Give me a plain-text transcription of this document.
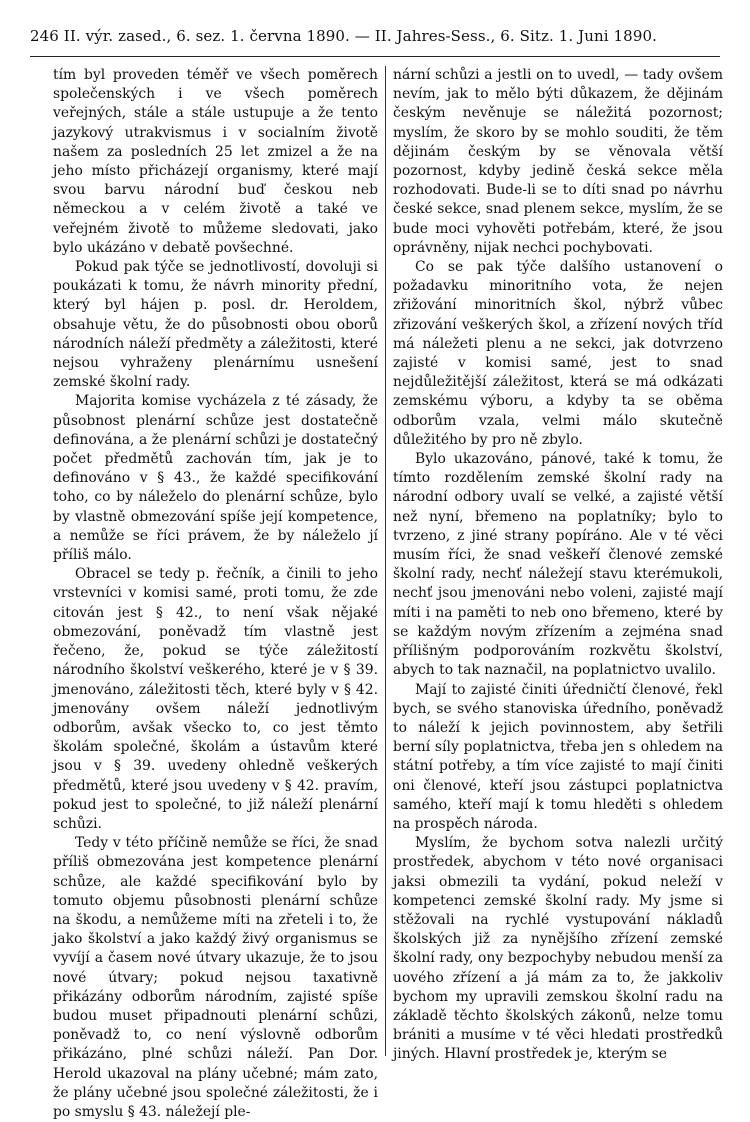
246 II. výr. zased., 6. sez. 1. června 1890. — II. Jahres-Sess., 6. Sitz. 1. Juni 1890.

tím byl proveden téměř ve všech poměrech společenských i ve všech poměrech veřejných, stále a stále ustupuje a že tento jazykový utrakvismus i v socialním životě našem za posledních 25 let zmizel a že na jeho místo přicházejí organismy, které mají svou barvu národní buď českou neb německou a v celém životě a také ve veřejném životě to můžeme sledovati, jako bylo ukázáno v debatě povšechné.

Pokud pak týče se jednotlivostí, dovoluji si poukázati k tomu, že návrh minority přední, který byl hájen p. posl. dr. Heroldem, obsahuje větu, že do působnosti obou oborů národních náleží předměty a záležitosti, které nejsou vyhraženy plenárnímu usnešení zemské školní rady.

Majorita komise vycházela z té zásady, že působnost plenární schůze jest dostatečně definována, a že plenární schůzi je dostatečný počet předmětů zachován tím, jak je to definováno v § 43., že každé specifikování toho, co by náleželo do plenární schůze, bylo by vlastně obmezování spíše její kompetence, a nemůže se říci právem, že by náleželo jí příliš málo.

Obracel se tedy p. řečník, a činili to jeho vrstevníci v komisi samé, proti tomu, že zde citován jest § 42., to není však nějaké obmezování, poněvadž tím vlastně jest řečeno, že, pokud se týče záležitostí národního školství veškerého, které je v § 39. jmenováno, záležitosti těch, které byly v § 42. jmenovány ovšem náleží jednotlivým odborům, avšak všecko to, co jest těmto školám společné, školám a ústavům které jsou v § 39. uvedeny ohledně veškerých předmětů, které jsou uvedeny v § 42. pravím, pokud jest to společné, to již náleží plenární schůzi.

Tedy v této příčině nemůže se říci, že snad příliš obmezována jest kompetence plenární schůze, ale každé specifikování bylo by tomuto objemu působnosti plenární schůze na škodu, a nemůžeme míti na zřeteli i to, že jako školství a jako každý živý organismus se vyvíjí a časem nové útvary ukazuje, že to jsou nové útvary; pokud nejsou taxativně přikázány odborům národním, zajisté spíše budou muset připadnouti plenární schůzi, poněvadž to, co není výslovně odborům přikázáno, plné schůzi náleží. Pan Dor. Herold ukazoval na plány učebné; mám zato, že plány učebné jsou společné záležitosti, že i po smyslu § 43. náležejí ple-

nární schůzi a jestli on to uvedl, — tady ovšem nevím, jak to mělo býti důkazem, že dějinám českým nevěnuje se náležitá pozornost; myslím, že skoro by se mohlo souditi, že těm dějinám českým by se věnovala větší pozornost, kdyby jedině česká sekce měla rozhodovati. Bude-li se to díti snad po návrhu české sekce, snad plenem sekce, myslím, že se bude moci vyhověti potřebám, které, že jsou oprávněny, nijak nechci pochybovati.

Co se pak týče dalšího ustanovení o požadavku minoritního vota, že nejen zřižování minoritních škol, nýbrž vůbec zřizování veškerých škol, a zřízení nových tříd má náležeti plenu a ne sekci, jak dotvrzeno zajisté v komisi samé, jest to snad nejdůležitější záležitost, která se má odkázati zemskému výboru, a kdyby ta se oběma odborům vzala, velmi málo skutečně důležitého by pro ně zbylo.

Bylo ukazováno, pánové, také k tomu, že tímto rozdělením zemské školní rady na národní odbory uvalí se velké, a zajisté větší než nyní, břemeno na poplatníky; bylo to tvrzeno, z jiné strany popíráno. Ale v té věci musím říci, že snad veškeří členové zemské školní rady, nechť náležejí stavu kterémukoli, nechť jsou jmenováni nebo voleni, zajisté mají míti i na paměti to neb ono břemeno, které by se každým novým zřízením a zejména snad přílišným podporováním rozkvětu školství, abych to tak naznačil, na poplatnictvo uvalilo.

Mají to zajisté činiti úředničtí členové, řekl bych, se svého stanoviska úředního, poněvadž to náleží k jejich povinnostem, aby šetřili berní síly poplatnictva, třeba jen s ohledem na státní potřeby, a tím více zajisté to mají činiti oni členové, kteří jsou zástupci poplatnictva samého, kteří mají k tomu hleděti s ohledem na prospěch národa.

Myslím, že bychom sotva nalezli určitý prostředek, abychom v této nové organisaci jaksi obmezili ta vydání, pokud neleží v kompetenci zemské školní rady. My jsme si stěžovali na rychlé vystupování nákladů školských již za nynějšího zřízení zemské školní rady, ony bezpochyby nebudou menší za uového zřízení a já mám za to, že jakkoliv bychom my upravili zemskou školní radu na základě těchto školských zákonů, nelze tomu brániti a musíme v té věci hledati prostředků jiných. Hlavní prostředek je, kterým se
